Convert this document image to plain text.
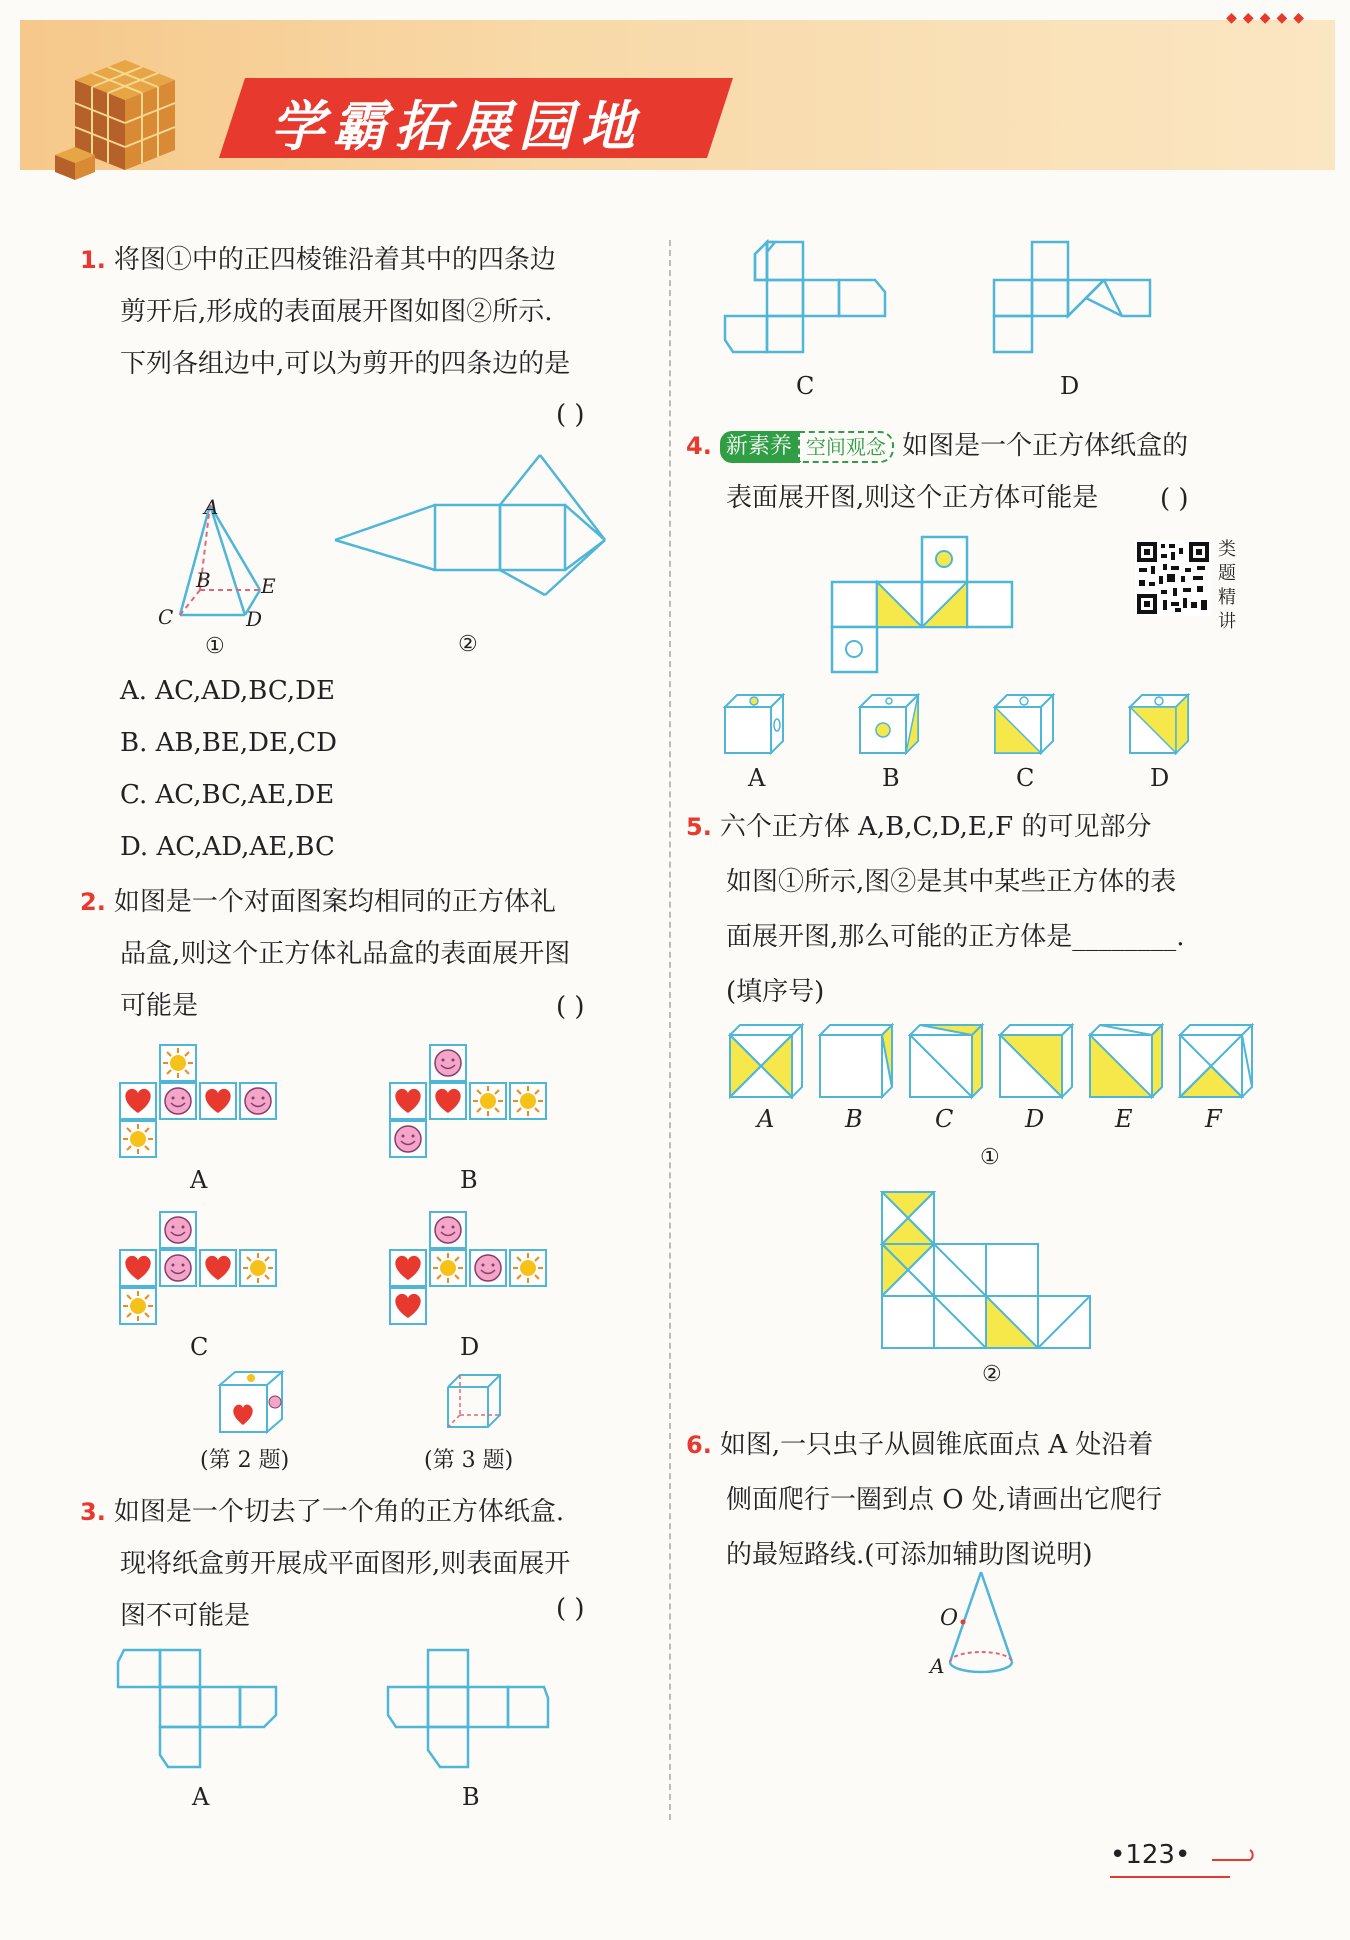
学霸拓展园地
◆◆◆◆◆
1. 将图①中的正四棱锥沿着其中的四条边
剪开后,形成的表面展开图如图②所示.
下列各组边中,可以为剪开的四条边的是
( )
A
B
C	D
E
①	②
A. AC,AD,BC,DE
B. AB,BE,DE,CD
C. AC,BC,AE,DE
D. AC,AD,AE,BC
2. 如图是一个对面图案均相同的正方体礼
品盒,则这个正方体礼品盒的表面展开图
可能是	( )
A	B
C	D
(第 2 题)	(第 3 题)
3. 如图是一个切去了一个角的正方体纸盒.
现将纸盒剪开展成平面图形,则表面展开
图不可能是	( )
A	B
C	D
4. 新素养 空间观念 如图是一个正方体纸盒的
表面展开图,则这个正方体可能是	( )
类题精讲
A	B	C	D
5. 六个正方体 A,B,C,D,E,F 的可见部分
如图①所示,图②是其中某些正方体的表
面展开图,那么可能的正方体是________.
(填序号)
A	B	C	D	E	F
①
②
6. 如图,一只虫子从圆锥底面点 A 处沿着
侧面爬行一圈到点 O 处,请画出它爬行
的最短路线.(可添加辅助图说明)
O
A
•123•
